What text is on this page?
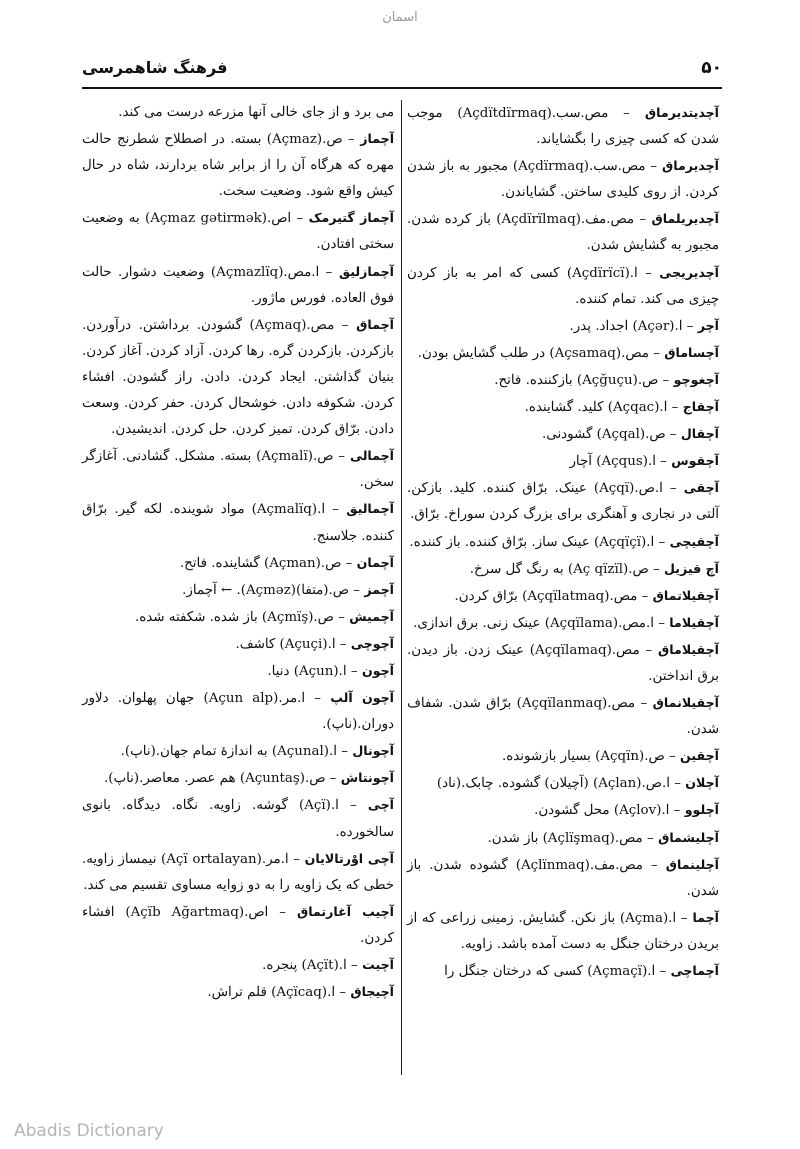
اسمان
۵۰
فرهنگ شاهمرسی

آچدیتدیرماق – مص.سب.(Açdïtdïrmaq) موجب شدن که کسی چیزی را بگشایاند.

آچدیرماق – مص.سب.(Açdïrmaq) مجبور به باز شدن کردن. از روی کلیدی ساختن. گشایاندن.

آچدیریلماق – مص.مف.(Açdïrïlmaq) باز کرده شدن. مجبور به گشایش شدن.

آچدیریجی – ا.(Açdïrïcï) کسی که امر به باز کردن چیزی می کند. تمام کننده.

آچر – ا.(Açər) اجداد. پدر.

آچساماق – مص.(Açsamaq) در طلب گشایش بودن.

آچغوچو – ص.(Açğuçu) بازکننده. فاتح.

آچقاج – ا.(Açqac) کلید. گشاینده.

آچقال – ص.(Açqal) گشودنی.

آچقوس – ا.(Açqus) آچار

آچقی – ا.ص.(Açqï) عینک. برّاق کننده. کلید. بازکن. آلتی در نجاری و آهنگری برای بزرگ کردن سوراخ. برّاق.

آچقیچی – ا.(Açqïçï) عینک ساز. برّاق کننده. باز کننده.

آچ قیزیل – ص.(Aç qïzïl) به رنگ گل سرخ.

آچقیلاتماق – مص.(Açqïlatmaq) برّاق کردن.

آچقیلاما – ا.مص.(Açqïlama) عینک زنی. برق اندازی.

آچقیلاماق – مص.(Açqïlamaq) عینک زدن. باز دیدن. برق انداختن.

آچقیلانماق – مص.(Açqïlanmaq) برّاق شدن. شفاف شدن.

آچقین – ص.(Açqïn) بسیار بازشونده.

آچلان – ا.ص.(Açlan) (آچیلان) گشوده. چابک.(ناد)

آچلوو – ا.(Açlov) محل گشودن.

آچلیشماق – مص.(Açlïşmaq) باز شدن.

آچلینماق – مص.مف.(Açlïnmaq) گشوده شدن. باز شدن.

آچما – ا.(Açma) باز نکن. گشایش. زمینی زراعی که از بریدن درختان جنگل به دست آمده باشد. زاویه.

آچماچی – ا.(Açmaçï) کسی که درختان جنگل را

می برد و از جای خالی آنها مزرعه درست می کند.

آچماز – ص.(Açmaz) بسته. در اصطلاح شطرنج حالت مهره که هرگاه آن را از برابر شاه بردارند، شاه در حال کیش واقع شود. وضعیت سخت.

آچماز گتیرمک – اص.(Açmaz gətirmək) به وضعیت سختی افتادن.

آچمازلیق – ا.مص.(Açmazlïq) وضعیت دشوار. حالت فوق العاده. فورس ماژور.

آچماق – مص.(Açmaq) گشودن. برداشتن. درآوردن. بازکردن. بازکردن گره. رها کردن. آزاد کردن. آغاز کردن. بنیان گذاشتن. ایجاد کردن. دادن. راز گشودن. افشاء کردن. شکوفه دادن. خوشحال کردن. حفر کردن. وسعت دادن. برّاق کردن. تمیز کردن. حل کردن. اندیشیدن.

آچمالی – ص.(Açmalï) بسته. مشکل. گشادنی. آغازگر سخن.

آچمالیق – ا.(Açmalïq) مواد شوینده. لکه گیر. برّاق کننده. جلاسنج.

آچمان – ص.(Açman) گشاینده. فاتح.

آچمز – ص.(متفا)(Açməz). ← آچماز.

آچمیش – ص.(Açmïş) باز شده. شکفته شده.

آچوچی – ا.(Açuçi) کاشف.

آچون – ا.(Açun) دنیا.

آچون آلپ – ا.مر.(Açun alp) جهان پهلوان. دلاور دوران.(ناپ).

آچونال – ا.(Açunal) به اندازهٔ تمام جهان.(ناپ).

آچونتاش – ص.(Açuntaş) هم عصر. معاصر.(ناپ).

آچی – ا.(Açï) گوشه. زاویه. نگاه. دیدگاه. بانوی سالخورده.

آچی اوْرتالایان – ا.مر.(Açï ortalayan) نیمساز زاویه. خطی که یک زاویه را به دو زوایه مساوی تقسیم می کند.

آچیب آغارتماق – اص.(Açïb Ağartmaq) افشاء کردن.

آچیت – ا.(Açït) پنجره.

آچیجاق – ا.(Açïcaq) قلم تراش.

Abadis Dictionary
